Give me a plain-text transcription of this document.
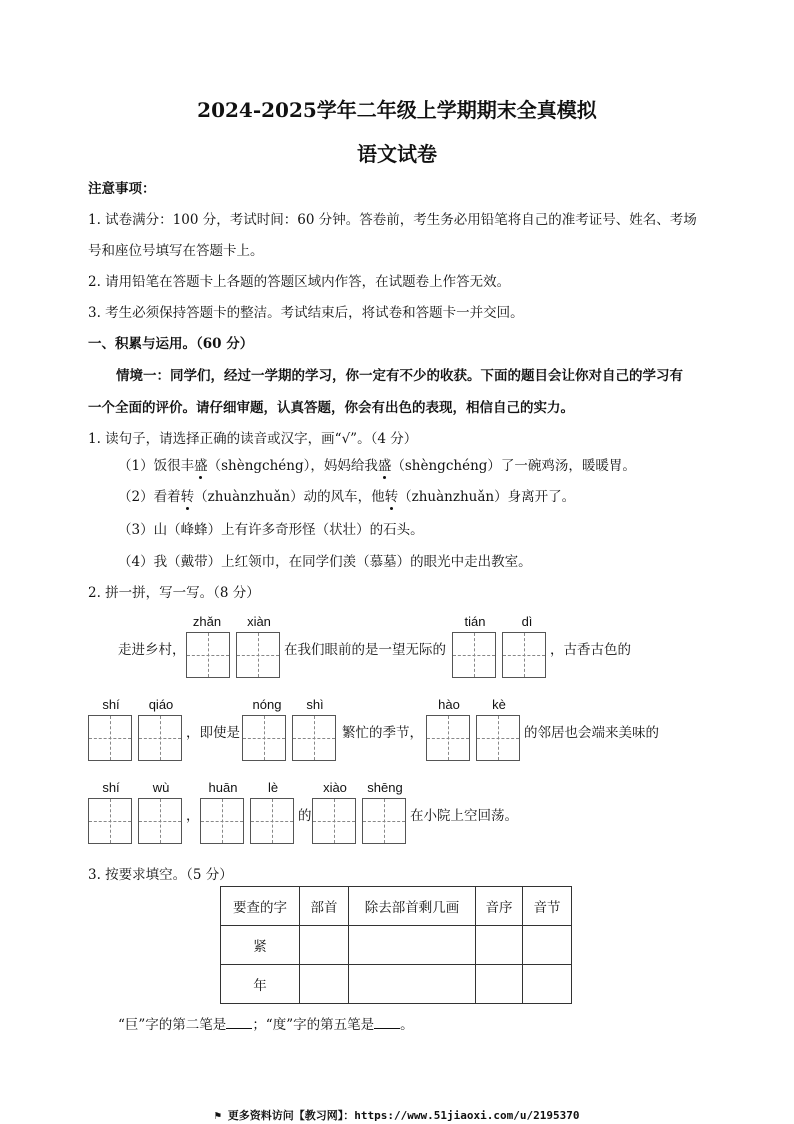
2024-2025学年二年级上学期期末全真模拟
语文试卷
注意事项：
1. 试卷满分：100 分，考试时间：60 分钟。答卷前，考生务必用铅笔将自己的准考证号、姓名、考场
号和座位号填写在答题卡上。
2. 请用铅笔在答题卡上各题的答题区域内作答，在试题卷上作答无效。
3. 考生必须保持答题卡的整洁。考试结束后，将试卷和答题卡一并交回。
一、积累与运用。（60 分）
情境一：同学们，经过一学期的学习，你一定有不少的收获。下面的题目会让你对自己的学习有
一个全面的评价。请仔细审题，认真答题，你会有出色的表现，相信自己的实力。
1. 读句子，请选择正确的读音或汉字，画“√”。（4 分）
（1）饭很丰盛（shèngchéng），妈妈给我盛（shèngchéng）了一碗鸡汤，暖暖胃。
（2）看着转（zhuànzhuǎn）动的风车，他转（zhuànzhuǎn）身离开了。
（3）山（峰蜂）上有许多奇形怪（状壮）的石头。
（4）我（戴带）上红领巾，在同学们羡（慕墓）的眼光中走出教室。
2. 拼一拼，写一写。（8 分）
zhǎn	xiàn	tián	dì
走进乡村，	在我们眼前的是一望无际的	，古香古色的
shí	qiáo	nóng	shì	hào	kè
，即使是	繁忙的季节，	的邻居也会端来美味的
shí	wù	huān	lè	xiào	shēng
，	的	在小院上空回荡。
3. 按要求填空。（5 分）
要查的字	部首	除去部首剩几画	音序	音节
紧				
年				
“巨”字的第二笔是 ；“度”字的第五笔是 。
⚑ 更多资料访问【教习网】：https://www.51jiaoxi.com/u/2195370
